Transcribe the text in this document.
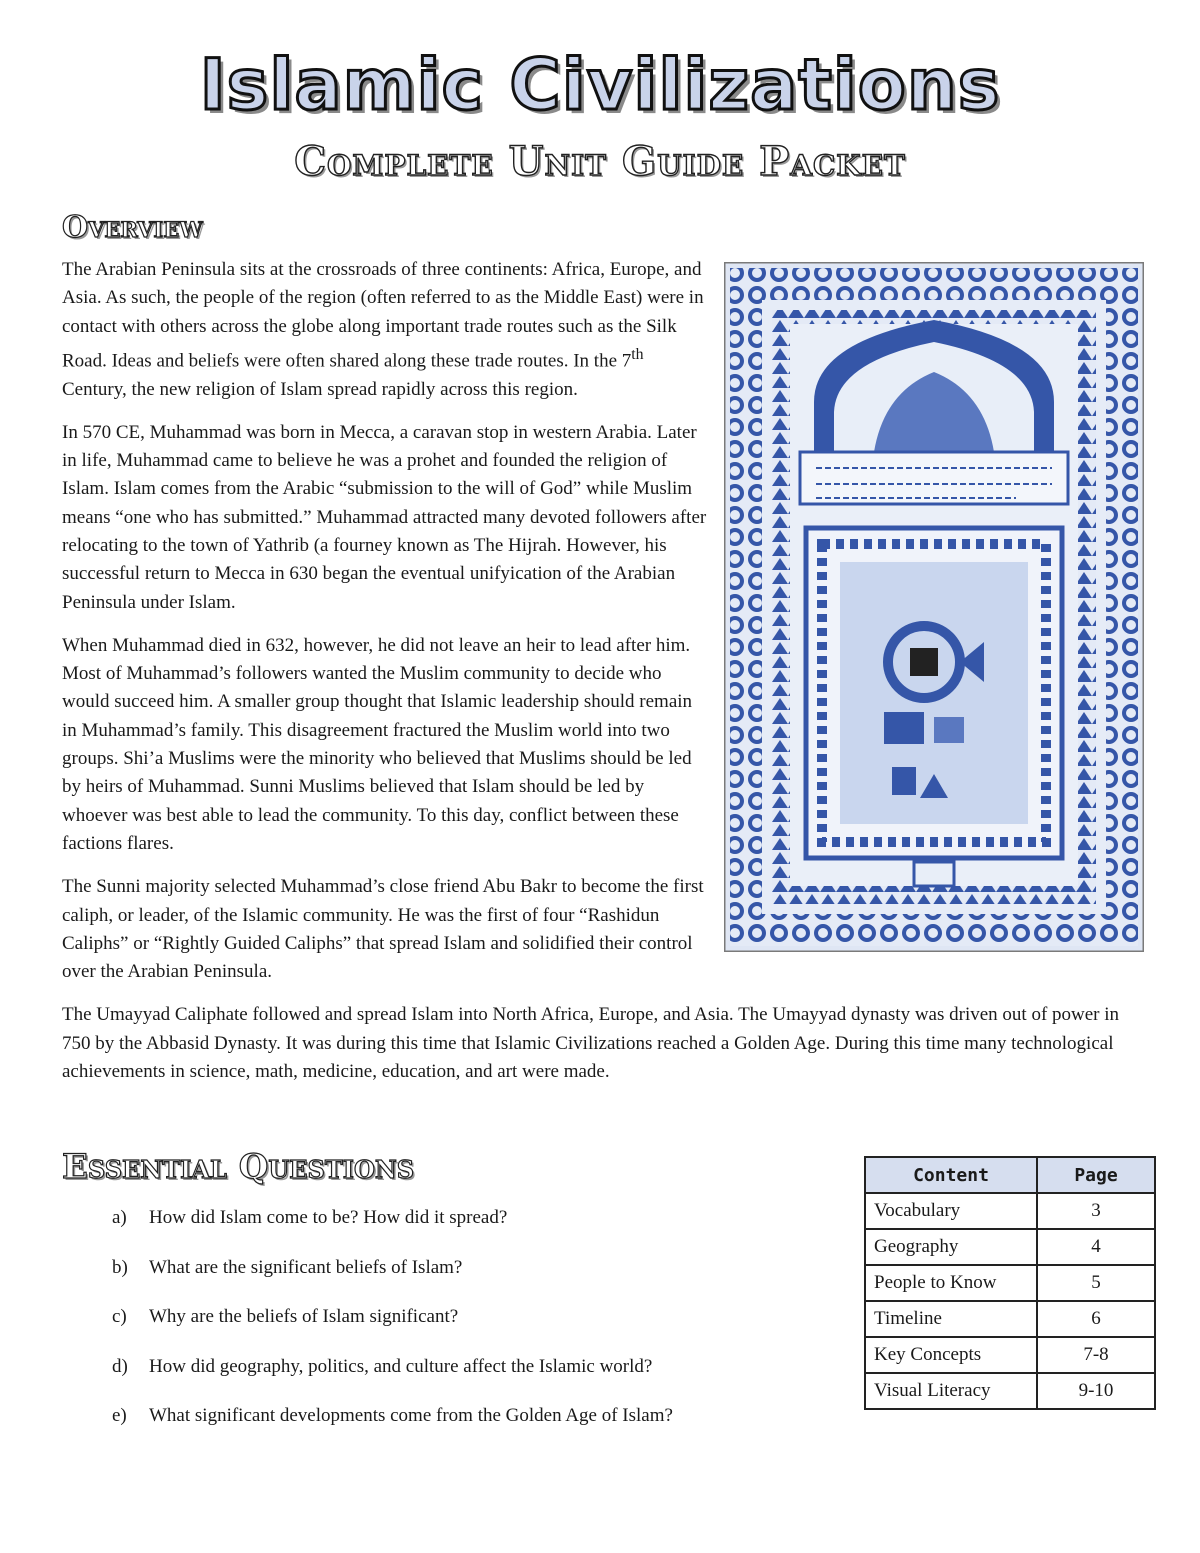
Islamic Civilizations
Complete Unit Guide Packet
Overview

The Arabian Peninsula sits at the crossroads of three continents: Africa, Europe, and Asia. As such, the people of the region (often referred to as the Middle East) were in contact with others across the globe along important trade routes such as the Silk Road. Ideas and beliefs were often shared along these trade routes. In the 7th Century, the new religion of Islam spread rapidly across this region.

In 570 CE, Muhammad was born in Mecca, a caravan stop in western Arabia. Later in life, Muhammad came to believe he was a prohet and founded the religion of Islam. Islam comes from the Arabic “submission to the will of God” while Muslim means “one who has submitted.” Muhammad attracted many devoted followers after relocating to the town of Yathrib (a fourney known as The Hijrah. However, his successful return to Mecca in 630 began the eventual unifyication of the Arabian Peninsula under Islam.

When Muhammad died in 632, however, he did not leave an heir to lead after him. Most of Muhammad’s followers wanted the Muslim community to decide who would succeed him. A smaller group thought that Islamic leadership should remain in Muhammad’s family. This disagreement fractured the Muslim world into two groups. Shi’a Muslims were the minority who believed that Muslims should be led by heirs of Muhammad. Sunni Muslims believed that Islam should be led by whoever was best able to lead the community. To this day, conflict between these factions flares.

The Sunni majority selected Muhammad’s close friend Abu Bakr to become the first caliph, or leader, of the Islamic community. He was the first of four “Rashidun Caliphs” or “Rightly Guided Caliphs” that spread Islam and solidified their control over the Arabian Peninsula.

The Umayyad Caliphate followed and spread Islam into North Africa, Europe, and Asia. The Umayyad dynasty was driven out of power in 750 by the Abbasid Dynasty. It was during this time that Islamic Civilizations reached a Golden Age. During this time many technological achievements in science, math, medicine, education, and art were made.

Essential Questions
a)	How did Islam come to be? How did it spread?
b)	What are the significant beliefs of Islam?
c)	Why are the beliefs of Islam significant?
d)	How did geography, politics, and culture affect the Islamic world?
e)	What significant developments come from the Golden Age of Islam?
Content	Page
Vocabulary	3
Geography	4
People to Know	5
Timeline	6
Key Concepts	7-8
Visual Literacy	9-10
